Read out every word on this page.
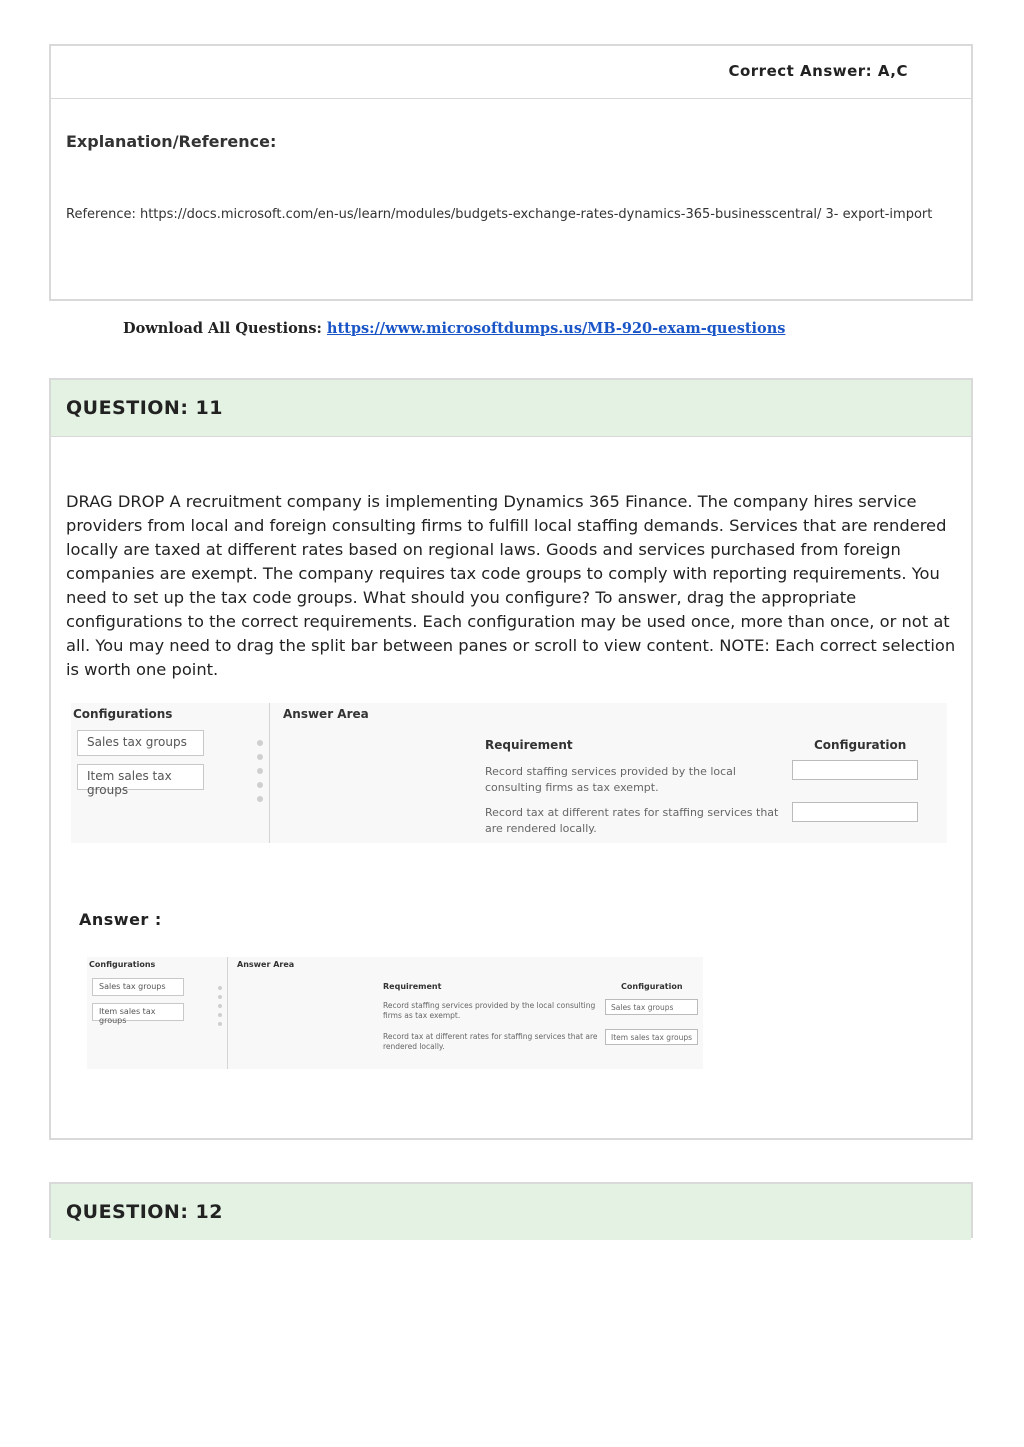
Correct Answer: A,C
Explanation/Reference:
Reference: https://docs.microsoft.com/en-us/learn/modules/budgets-exchange-rates-dynamics-365-businesscentral/ 3- export-import
Download All Questions: https://www.microsoftdumps.us/MB-920-exam-questions
QUESTION: 11
DRAG DROP A recruitment company is implementing Dynamics 365 Finance. The company hires service providers from local and foreign consulting firms to fulfill local staffing demands. Services that are rendered locally are taxed at different rates based on regional laws. Goods and services purchased from foreign companies are exempt. The company requires tax code groups to comply with reporting requirements. You need to set up the tax code groups. What should you configure? To answer, drag the appropriate configurations to the correct requirements. Each configuration may be used once, more than once, or not at all. You may need to drag the split bar between panes or scroll to view content. NOTE: Each correct selection is worth one point.
Configurations
Sales tax groups
Item sales tax groups
Answer Area
Requirement	Configuration
Record staffing services provided by the local consulting firms as tax exempt.
Record tax at different rates for staffing services that are rendered locally.
Answer :
Configurations
Sales tax groups
Item sales tax groups
Answer Area
Requirement	Configuration
Record staffing services provided by the local consulting firms as tax exempt.
Sales tax groups
Record tax at different rates for staffing services that are rendered locally.
Item sales tax groups
QUESTION: 12
